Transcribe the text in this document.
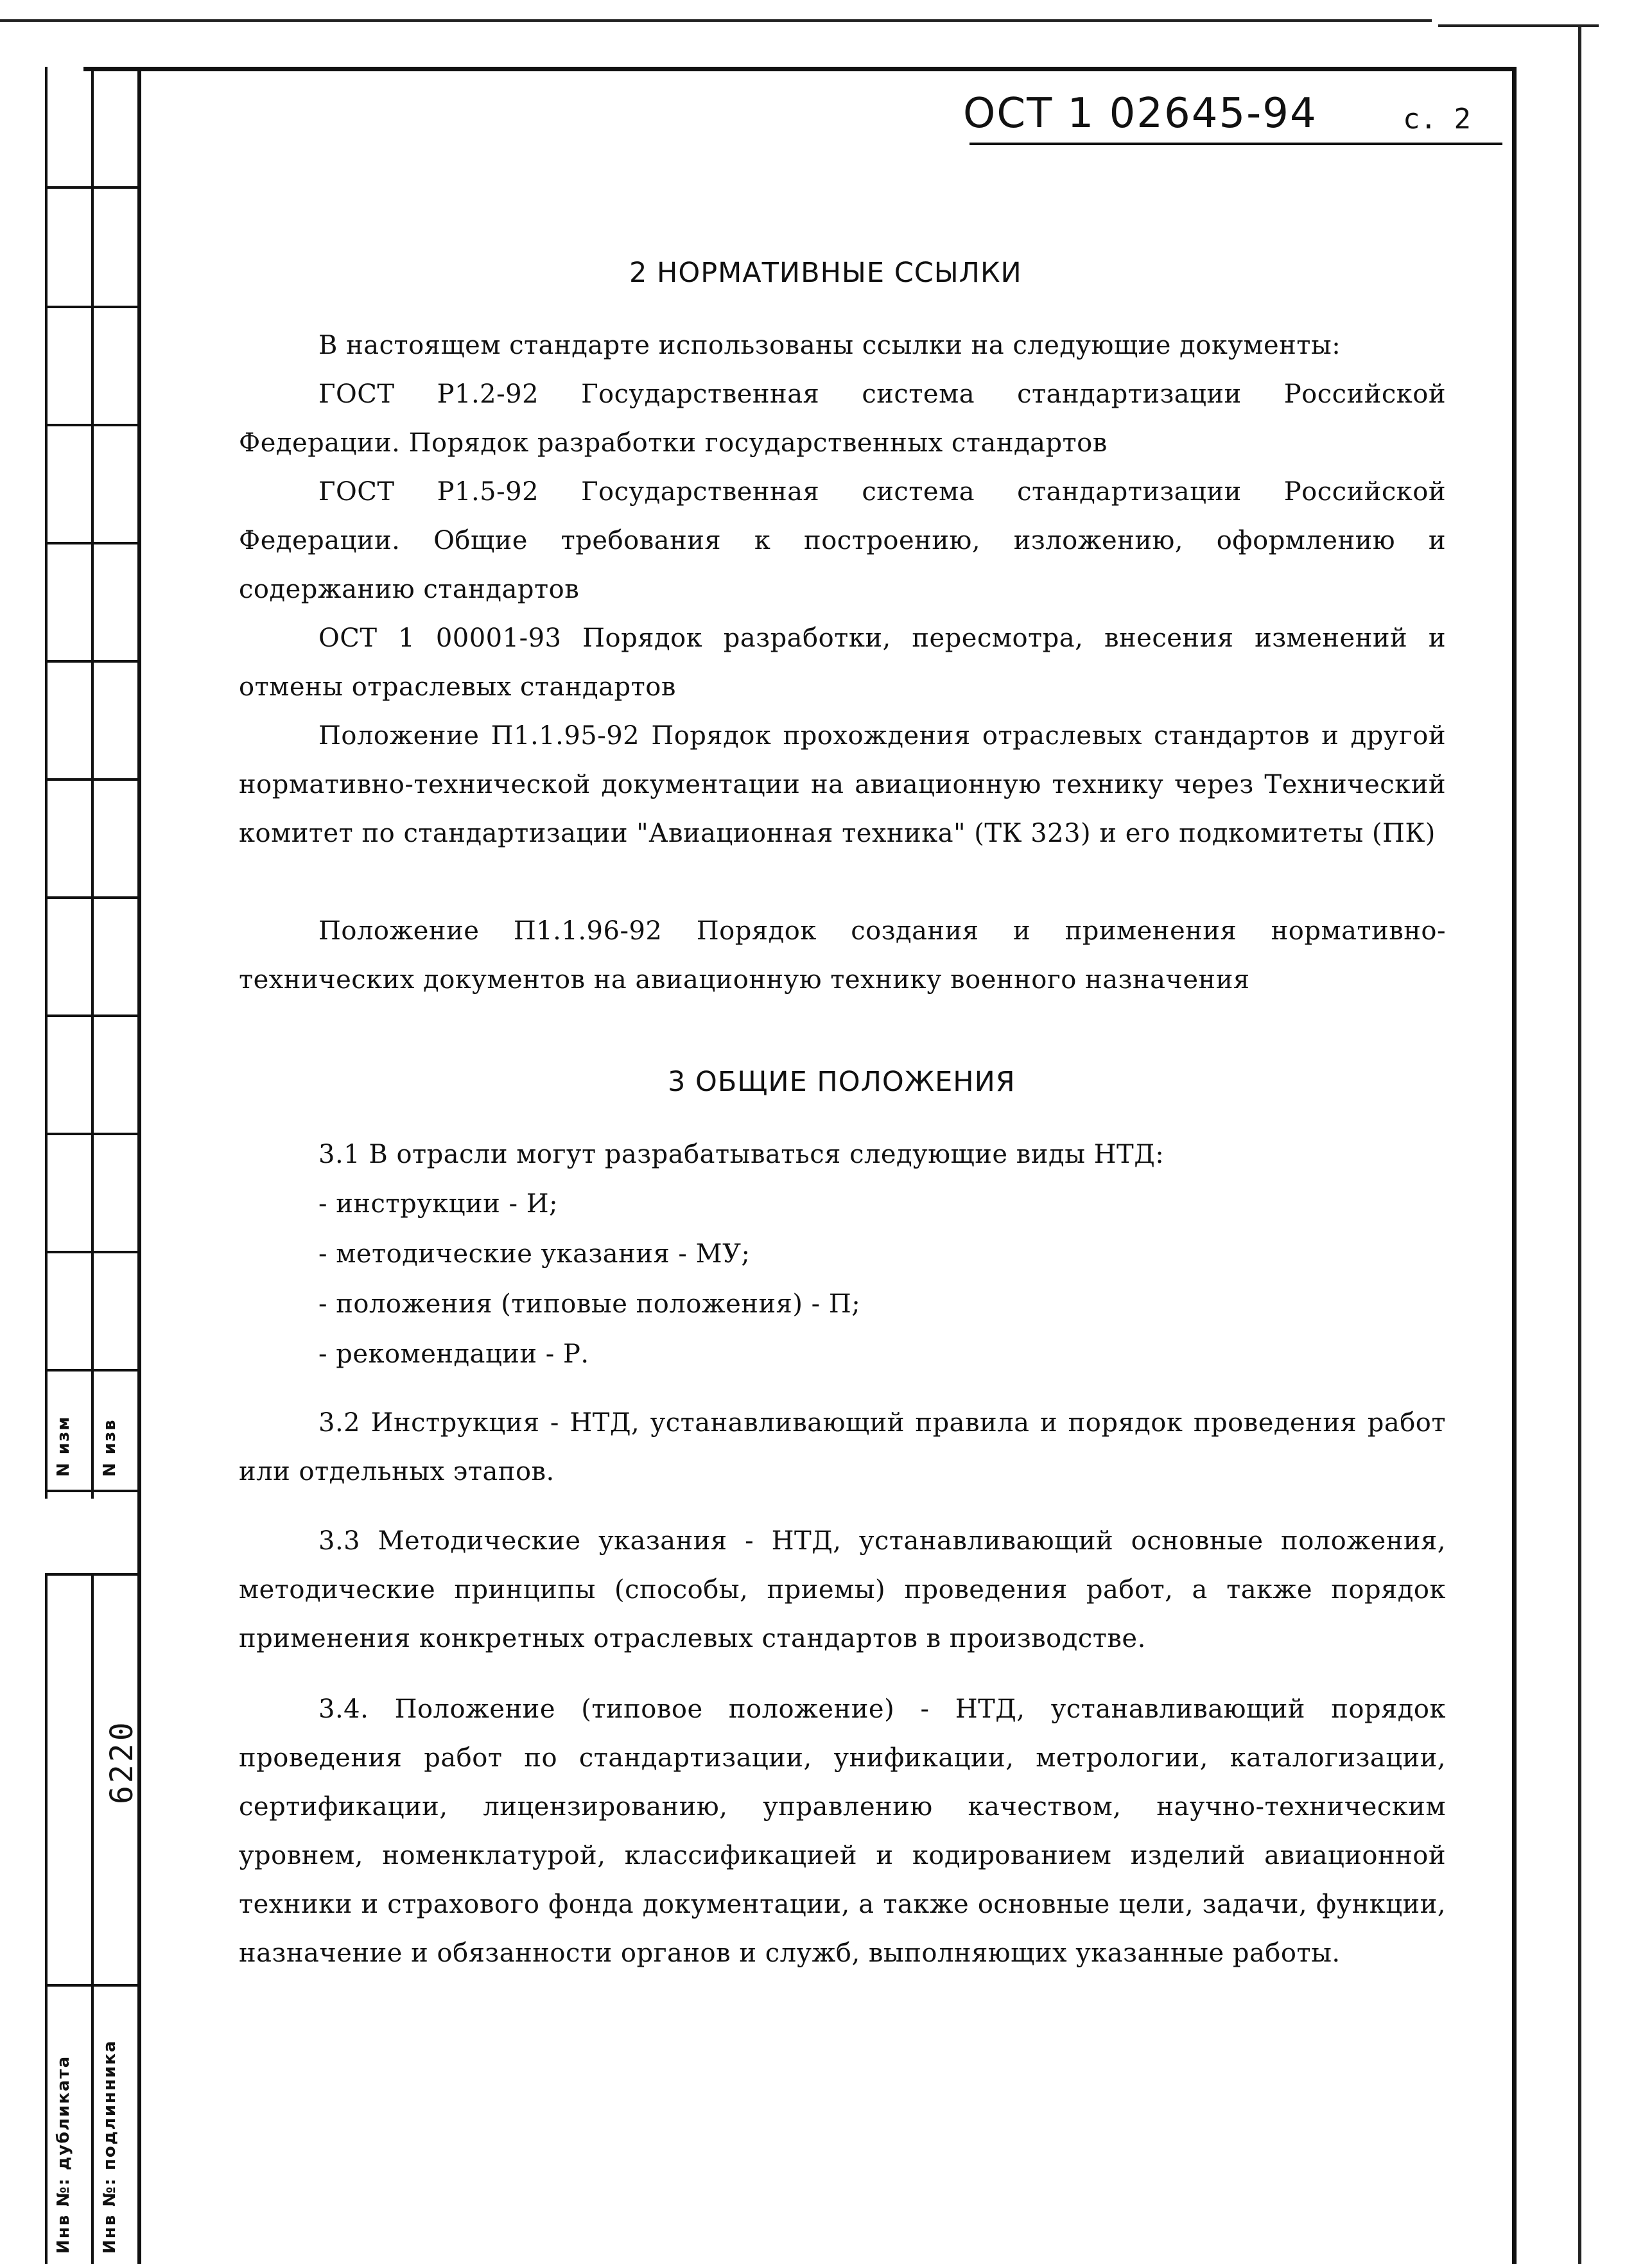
N изм N изв
6220
Инв №: дубликата Инв №: подлинника
ОСТ 1 02645-94	с. 2
2 НОРМАТИВНЫЕ ССЫЛКИ
В настоящем стандарте использованы ссылки на следующие документы:
ГОСТ Р1.2-92 Государственная система стандартизации Российской Федерации. Порядок разработки государственных стандартов
ГОСТ Р1.5-92 Государственная система стандартизации Российской Федерации. Общие требования к построению, изложению, оформлению и содержанию стандартов
ОСТ 1 00001-93 Порядок разработки, пересмотра, внесения изменений и отмены отраслевых стандартов
Положение П1.1.95-92 Порядок прохождения отраслевых стандартов и другой нормативно-технической документации на авиационную технику через Технический комитет по стандартизации "Авиационная техника" (ТК 323) и его подкомитеты (ПК)
Положение П1.1.96-92 Порядок создания и применения нормативно-технических документов на авиационную технику военного назначения
3 ОБЩИЕ ПОЛОЖЕНИЯ
3.1 В отрасли могут разрабатываться следующие виды НТД:
- инструкции - И;
- методические указания - МУ;
- положения (типовые положения) - П;
- рекомендации - Р.
3.2 Инструкция - НТД, устанавливающий правила и порядок проведения работ или отдельных этапов.
3.3 Методические указания - НТД, устанавливающий основные положения, методические принципы (способы, приемы) проведения работ, а также порядок применения конкретных отраслевых стандартов в производстве.
3.4. Положение (типовое положение) - НТД, устанавливающий порядок проведения работ по стандартизации, унификации, метрологии, каталогизации, сертификации, лицензированию, управлению качеством, научно-техническим уровнем, номенклатурой, классификацией и кодированием изделий авиационной техники и страхового фонда документации, а также основные цели, задачи, функции, назначение и обязанности органов и служб, выполняющих указанные работы.
